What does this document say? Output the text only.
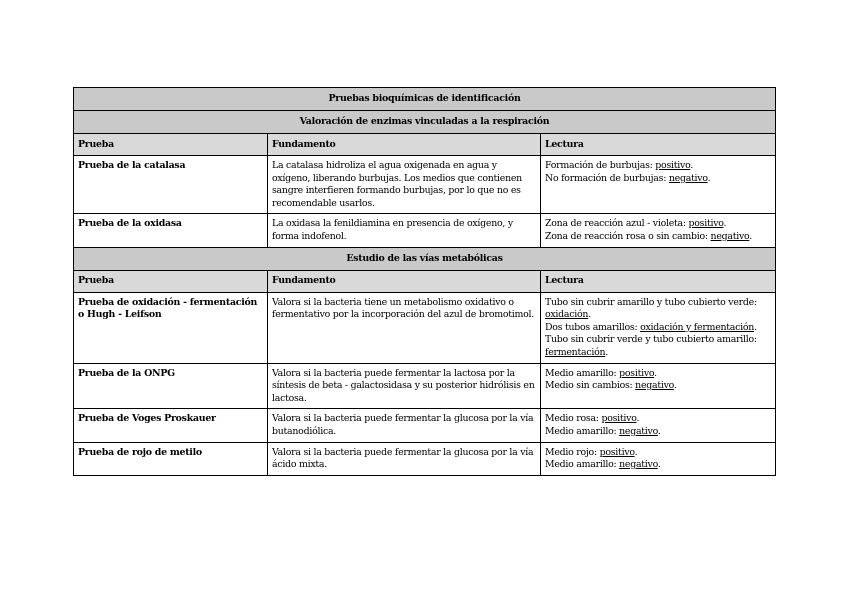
Pruebas bioquímicas de identificación		
Valoración de enzimas vinculadas a la respiración		
Prueba	Fundamento	Lectura
Prueba de la catalasa	La catalasa hidroliza el agua oxigenada en agua y oxígeno, liberando burbujas. Los medios que contienen sangre interfieren formando burbujas, por lo que no es recomendable usarlos.	Formación de burbujas: positivo.
No formación de burbujas: negativo.

Prueba de la oxidasa	La oxidasa la fenildiamina en presencia de oxígeno, y forma indofenol.	Zona de reacción azul - violeta: positivo.
Zona de reacción rosa o sin cambio: negativo.

Estudio de las vías metabólicas		
Prueba	Fundamento	Lectura
Prueba de oxidación - fermentación o Hugh - Leifson	Valora si la bacteria tiene un metabolismo oxidativo o fermentativo por la incorporación del azul de bromotimol.	Tubo sin cubrir amarillo y tubo cubierto verde: oxidación.
Dos tubos amarillos: oxidación y fermentación.
Tubo sin cubrir verde y tubo cubierto amarillo: fermentación.

Prueba de la ONPG	Valora si la bacteria puede fermentar la lactosa por la síntesis de beta - galactosidasa y su posterior hidrólisis en lactosa.	Medio amarillo: positivo.
Medio sin cambios: negativo.

Prueba de Voges Proskauer	Valora si la bacteria puede fermentar la glucosa por la vía butanodiólica.	Medio rosa: positivo.
Medio amarillo: negativo.

Prueba de rojo de metilo	Valora si la bacteria puede fermentar la glucosa por la vía ácido mixta.	Medio rojo: positivo.
Medio amarillo: negativo.
